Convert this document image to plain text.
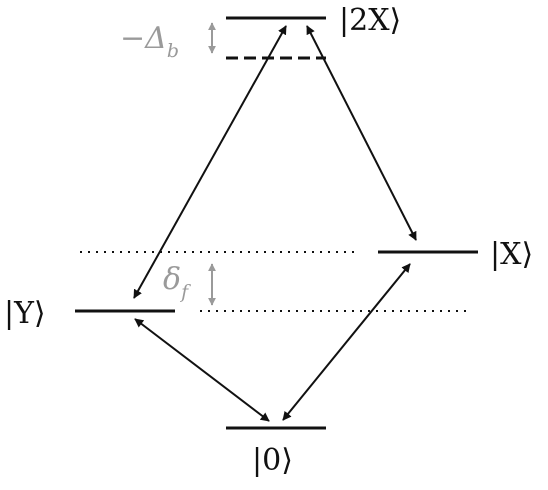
|2X⟩
|X⟩
|Y⟩
|0⟩
−Δb
δf
